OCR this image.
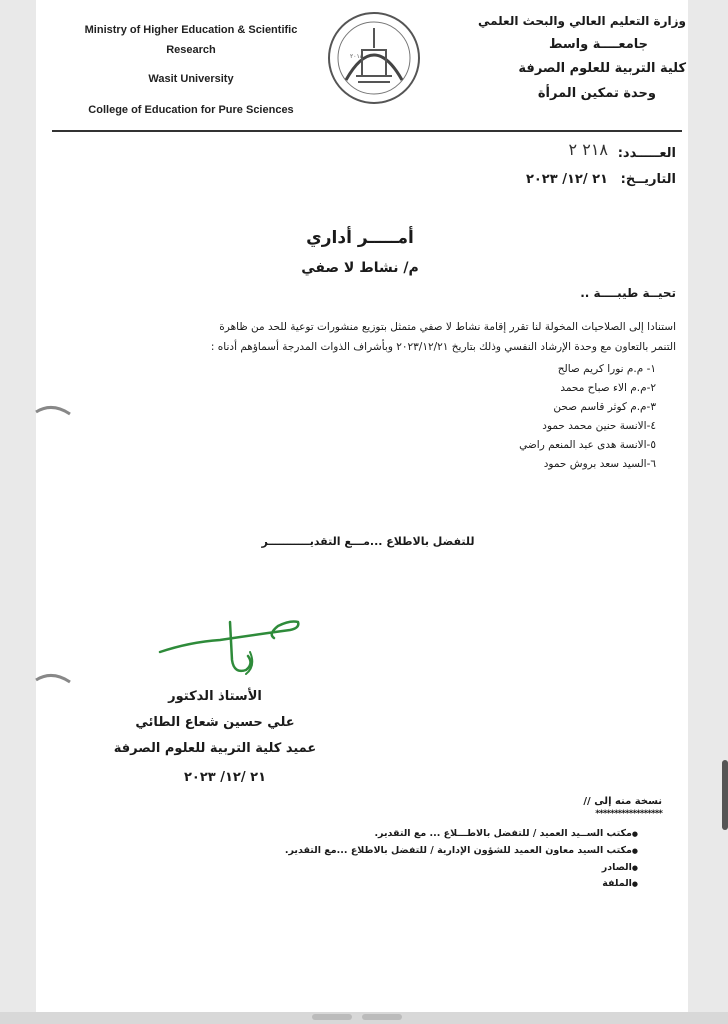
Ministry of Higher Education & Scientific
Research
Wasit University
College of Education for Pure Sciences
٢٠١٨
وزارة التعليم العالي والبحث العلمي
جامعــــة واسط
كلية التربية للعلوم الصرفة
وحدة تمكين المرأة
العـــــدد:
٢١٨ ٢
التاريــخ:
٢١ /١٢/ ٢٠٢٣
أمـــــر أداري
م/ نشاط لا صفي
تحيــة طيبــــة ..
استنادا إلى الصلاحيات المخولة لنا تقرر إقامة نشاط لا صفي متمثل بتوزيع منشورات توعية للحد من ظاهرة
التنمر بالتعاون مع وحدة الإرشاد النفسي وذلك بتاريخ ٢٠٢٣/١٢/٢١ وبأشراف الذوات المدرجة أسماؤهم أدناه :
١- م.م نورا كريم صالح
٢-م.م الاء صباح محمد
٣-م.م كوثر قاسم صحن
٤-الانسة حنين محمد حمود
٥-الانسة هدى عبد المنعم راضي
٦-السيد سعد بروش حمود
للتفضل بالاطلاع ...مـــع التقديـــــــــــر
الأستاذ الدكتور
علي حسين شعاع الطائي
عميد كلية التربية للعلوم الصرفة
٢١ /١٢/ ٢٠٢٣
نسخة منه إلى //
******************
●مكتب الســيد العميد / للتفضل بالاطـــلاع ... مع التقدير.
●مكتب السيد معاون العميد للشؤون الإدارية / للتفضل بالاطلاع ...مع التقدير.
●الصادر
●الملفة
